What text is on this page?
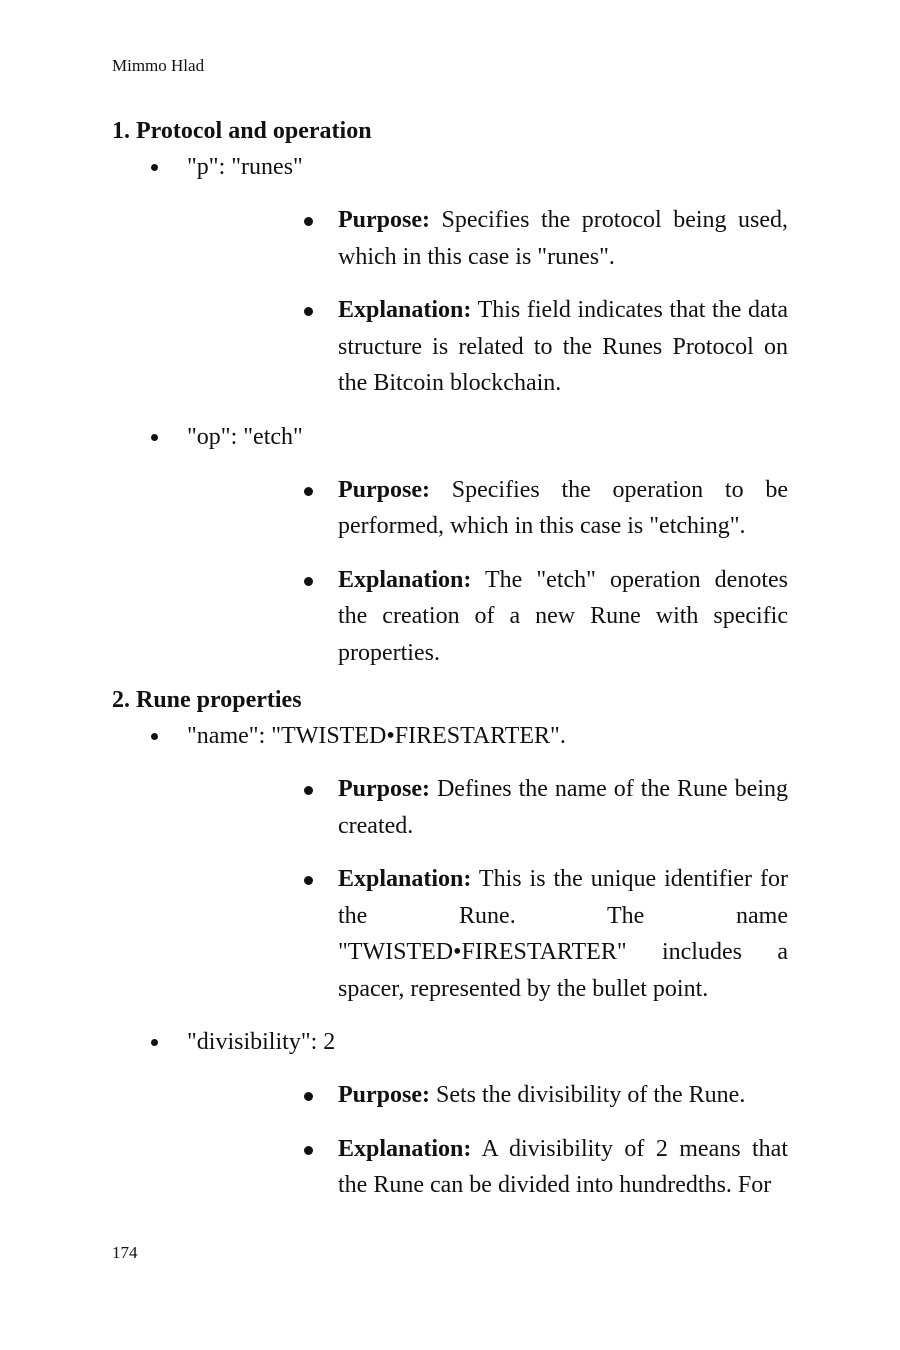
Mimmo Hlad
1. Protocol and operation
"p": "runes"
Purpose: Specifies the protocol being used, which in this case is "runes".
Explanation: This field indicates that the data structure is related to the Runes Protocol on the Bitcoin blockchain.
"op": "etch"
Purpose: Specifies the operation to be performed, which in this case is "etching".
Explanation: The "etch" operation denotes the creation of a new Rune with specific properties.
2. Rune properties
"name": "TWISTED•FIRESTARTER".
Purpose: Defines the name of the Rune being created.
Explanation: This is the unique identifier for the Rune. The name "TWISTED•FIRESTARTER" includes a spacer, represented by the bullet point.
"divisibility": 2
Purpose: Sets the divisibility of the Rune.
Explanation: A divisibility of 2 means that the Rune can be divided into hundredths. For
174
